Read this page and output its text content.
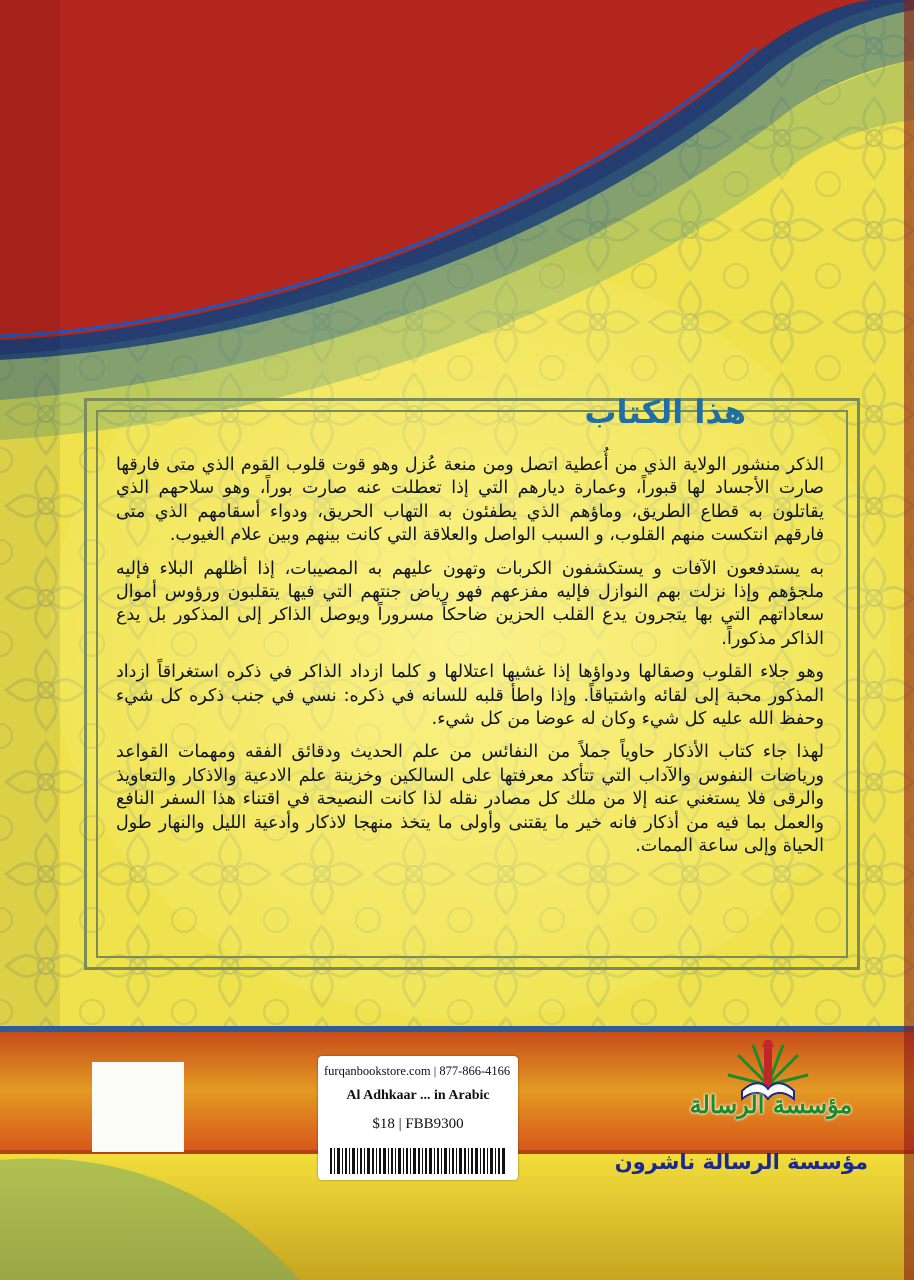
هذا الكتاب

الذكر منشور الولاية الذي من أُعطية اتصل ومن منعة عُزل وهو قوت قلوب القوم الذي متى فارقها صارت الأجساد لها قبوراً، وعمارة ديارهم التي إذا تعطلت عنه صارت بوراً، وهو سلاحهم الذي يقاتلون به قطاع الطريق، وماؤهم الذي يطفئون به التهاب الحريق، ودواء أسقامهم الذي متى فارقهم انتكست منهم القلوب، و السبب الواصل والعلاقة التي كانت بينهم وبين علام الغيوب.

به يستدفعون الآفات و يستكشفون الكربات وتهون عليهم به المصيبات، إذا أظلهم البلاء فإليه ملجؤهم وإذا نزلت بهم النوازل فإليه مفزعهم فهو رياض جنتهم التي فيها يتقلبون ورؤوس أموال سعاداتهم التي بها يتجرون يدع القلب الحزين ضاحكاً مسروراً ويوصل الذاكر إلى المذكور بل يدع الذاكر مذكوراً.

وهو جلاء القلوب وصقالها ودواؤها إذا غشيها اعتلالها و كلما ازداد الذاكر في ذكره استغراقاً ازداد المذكور محبة إلى لقائه واشتياقاً. وإذا واطأ قلبه للسانه في ذكره: نسي في جنب ذكره كل شيء وحفظ الله عليه كل شيء وكان له عوضا من كل شيء.

لهذا جاء كتاب الأذكار حاوياً جملاً من النفائس من علم الحديث ودقائق الفقه ومهمات القواعد ورياضات النفوس والآداب التي تتأكد معرفتها على السالكين وخزينة علم الادعية والاذكار والتعاويذ والرقى فلا يستغني عنه إلا من ملك كل مصادر نقله لذا كانت النصيحة في اقتناء هذا السفر النافع والعمل بما فيه من أذكار فانه خير ما يقتنى وأولى ما يتخذ منهجا لاذكار وأدعية الليل والنهار طول الحياة وإلى ساعة الممات.

furqanbookstore.com | 877-866-4166
Al Adhkaar ... in Arabic
$18 | FBB9300
مؤسسة الرسالة
مؤسسة الرسالة ناشرون
